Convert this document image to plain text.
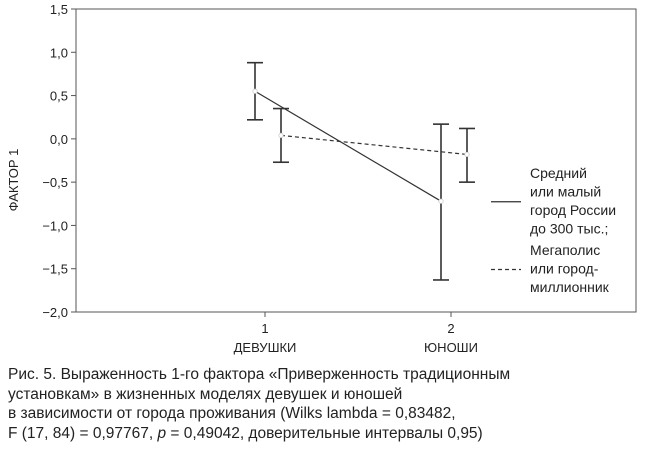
1,5
1,0
0,5
0,0
−0,5
−1,0
−1,5
−2,0
1
ДЕВУШКИ
2
ЮНОШИ
ФАКТОР 1	Средний
или малый
город России
до 300 тыс.;
Мегаполис
или город-
миллионник

Рис. 5. Выраженность 1-го фактора «Приверженность традиционным

установкам» в жизненных моделях девушек и юношей

в зависимости от города проживания (Wilks lambda = 0,83482,

F (17, 84) = 0,97767, p = 0,49042, доверительные интервалы 0,95)
